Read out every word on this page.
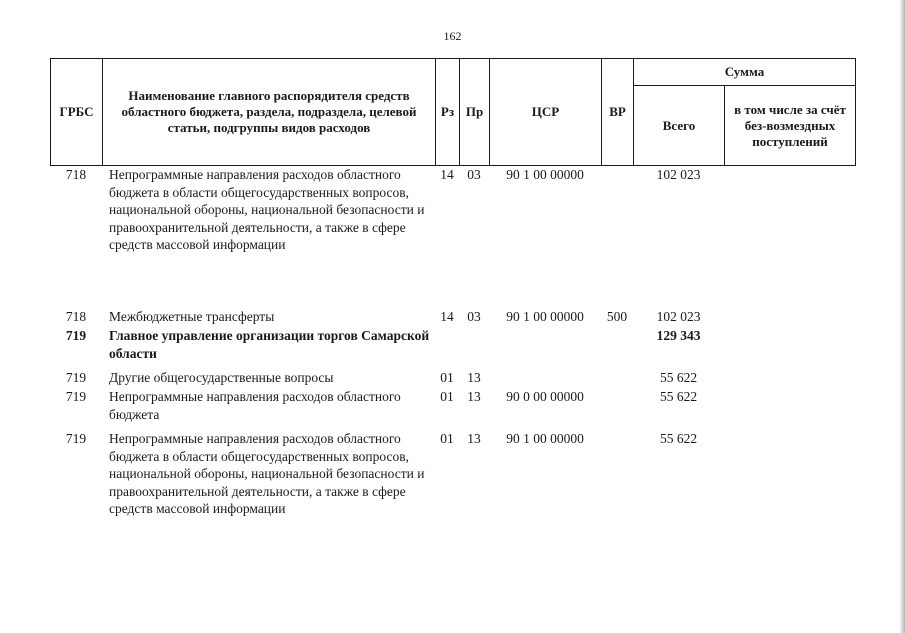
162
ГРБС	Наименование главного распорядителя средств областного бюджета, раздела, подраздела, целевой статьи, подгруппы видов расходов	Рз	Пр	ЦСР	ВР	Сумма	
						Всего	в том числе за счёт без-возмездных поступлений
718	Непрограммные направления расходов областного бюджета в области общегосударственных вопросов, национальной обороны, национальной безопасности и правоохранительной деятельности, а также в сфере средств массовой информации	14	03	90 1 00 00000		102 023	
718	Межбюджетные трансферты	14	03	90 1 00 00000	500	102 023	
719	Главное управление организации торгов Самарской области					129 343	
719	Другие общегосударственные вопросы	01	13			55 622	
719	Непрограммные направления расходов областного бюджета	01	13	90 0 00 00000		55 622	
719	Непрограммные направления расходов областного бюджета в области общегосударственных вопросов, национальной обороны, национальной безопасности и правоохранительной деятельности, а также в сфере средств массовой информации	01	13	90 1 00 00000		55 622	
